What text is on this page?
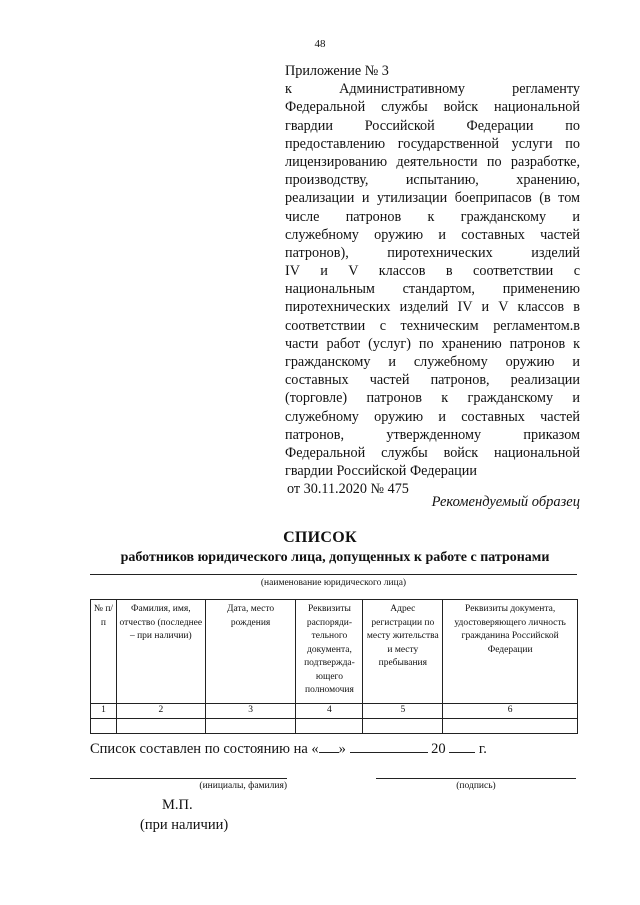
48
Приложение № 3
к Административному регламенту
Федеральной службы войск национальной
гвардии Российской Федерации по
предоставлению государственной услуги по
лицензированию деятельности по разработке,
производству, испытанию, хранению,
реализации и утилизации боеприпасов (в том
числе патронов к гражданскому и
служебному оружию и составных частей
патронов), пиротехнических изделий
IV и V классов в соответствии с
национальным стандартом, применению
пиротехнических изделий IV и V классов в
соответствии с техническим регламентом.в
части работ (услуг) по хранению патронов к
гражданскому и служебному оружию и
составных частей патронов, реализации
(торговле) патронов к гражданскому и
служебному оружию и составных частей
патронов, утвержденному приказом
Федеральной службы войск национальной
гвардии Российской Федерации
от 30.11.2020 № 475
Рекомендуемый образец
СПИСОК
работников юридического лица, допущенных к работе с патронами
(наименование юридического лица)
№ п/п	Фамилия, имя, отчество (последнее – при наличии)	Дата, место рождения	Реквизиты распоряди-тельного документа, подтвержда-ющего полномочия	Адрес регистрации по месту жительства и месту пребывания	Реквизиты документа, удостоверяющего личность гражданина Российской Федерации
1	2	3	4	5	6

Список составлен по состоянию на « »	20 г.
(инициалы, фамилия)	(подпись)
М.П.
(при наличии)
